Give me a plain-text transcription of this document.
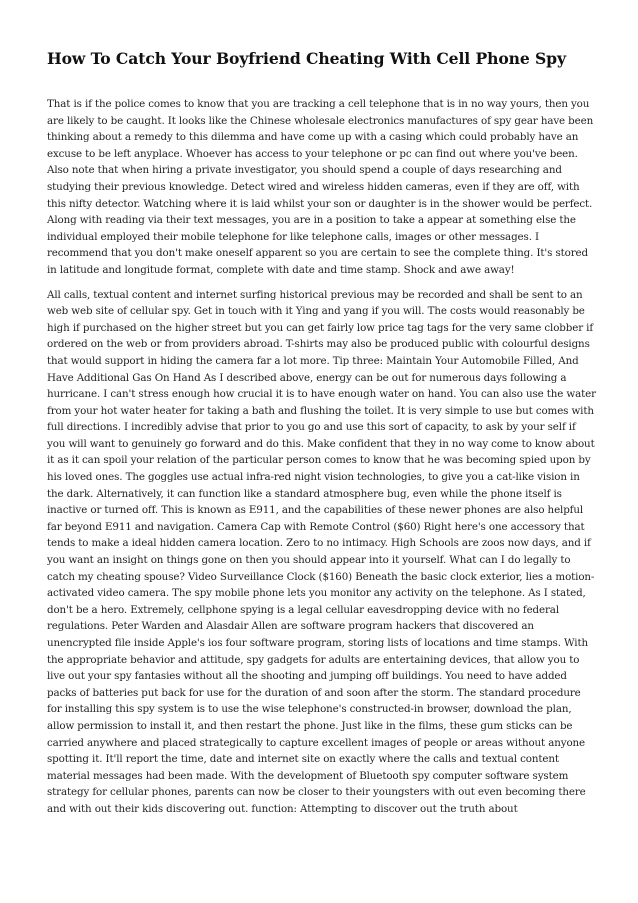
How To Catch Your Boyfriend Cheating With Cell Phone Spy

That is if the police comes to know that you are tracking a cell telephone that is in no way yours, then you are likely to be caught. It looks like the Chinese wholesale electronics manufactures of spy gear have been thinking about a remedy to this dilemma and have come up with a casing which could probably have an excuse to be left anyplace. Whoever has access to your telephone or pc can find out where you've been. Also note that when hiring a private investigator, you should spend a couple of days researching and studying their previous knowledge. Detect wired and wireless hidden cameras, even if they are off, with this nifty detector. Watching where it is laid whilst your son or daughter is in the shower would be perfect. Along with reading via their text messages, you are in a position to take a appear at something else the individual employed their mobile telephone for like telephone calls, images or other messages. I recommend that you don't make oneself apparent so you are certain to see the complete thing. It's stored in latitude and longitude format, complete with date and time stamp. Shock and awe away!

All calls, textual content and internet surfing historical previous may be recorded and shall be sent to an web web site of cellular spy. Get in touch with it Ying and yang if you will. The costs would reasonably be high if purchased on the higher street but you can get fairly low price tag tags for the very same clobber if ordered on the web or from providers abroad. T-shirts may also be produced public with colourful designs that would support in hiding the camera far a lot more. Tip three: Maintain Your Automobile Filled, And Have Additional Gas On Hand As I described above, energy can be out for numerous days following a hurricane. I can't stress enough how crucial it is to have enough water on hand. You can also use the water from your hot water heater for taking a bath and flushing the toilet. It is very simple to use but comes with full directions. I incredibly advise that prior to you go and use this sort of capacity, to ask by your self if you will want to genuinely go forward and do this. Make confident that they in no way come to know about it as it can spoil your relation of the particular person comes to know that he was becoming spied upon by his loved ones. The goggles use actual infra-red night vision technologies, to give you a cat-like vision in the dark. Alternatively, it can function like a standard atmosphere bug, even while the phone itself is inactive or turned off. This is known as E911, and the capabilities of these newer phones are also helpful far beyond E911 and navigation. Camera Cap with Remote Control ($60) Right here's one accessory that tends to make a ideal hidden camera location. Zero to no intimacy. High Schools are zoos now days, and if you want an insight on things gone on then you should appear into it yourself. What can I do legally to catch my cheating spouse? Video Surveillance Clock ($160) Beneath the basic clock exterior, lies a motion-activated video camera. The spy mobile phone lets you monitor any activity on the telephone. As I stated, don't be a hero. Extremely, cellphone spying is a legal cellular eavesdropping device with no federal regulations. Peter Warden and Alasdair Allen are software program hackers that discovered an unencrypted file inside Apple's ios four software program, storing lists of locations and time stamps. With the appropriate behavior and attitude, spy gadgets for adults are entertaining devices, that allow you to live out your spy fantasies without all the shooting and jumping off buildings. You need to have added packs of batteries put back for use for the duration of and soon after the storm. The standard procedure for installing this spy system is to use the wise telephone's constructed-in browser, download the plan, allow permission to install it, and then restart the phone. Just like in the films, these gum sticks can be carried anywhere and placed strategically to capture excellent images of people or areas without anyone spotting it. It'll report the time, date and internet site on exactly where the calls and textual content material messages had been made. With the development of Bluetooth spy computer software system strategy for cellular phones, parents can now be closer to their youngsters with out even becoming there and with out their kids discovering out. function: Attempting to discover out the truth about
